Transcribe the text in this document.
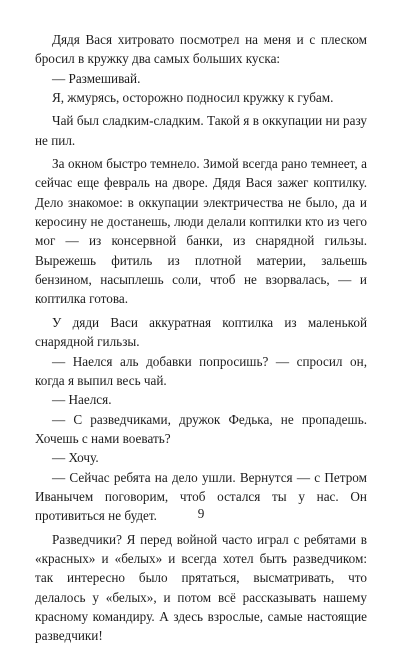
Дядя Вася хитровато посмотрел на меня и с плеском бросил в кружку два самых больших куска:

— Размешивай.

Я, жмурясь, осторожно подносил кружку к губам.

Чай был сладким-сладким. Такой я в оккупации ни разу не пил.

За окном быстро темнело. Зимой всегда рано темнеет, а сейчас еще февраль на дворе. Дядя Вася зажег коптилку. Дело знакомое: в оккупации электричества не было, да и керосину не достанешь, люди делали коптилки кто из чего мог — из консервной банки, из снарядной гильзы. Вырежешь фитиль из плотной материи, зальешь бензином, насыплешь соли, чтоб не взорвалась, — и коптилка готова.

У дяди Васи аккуратная коптилка из маленькой снарядной гильзы.

— Наелся аль добавки попросишь? — спросил он, когда я выпил весь чай.

— Наелся.

— С разведчиками, дружок Федька, не пропадешь. Хочешь с нами воевать?

— Хочу.

— Сейчас ребята на дело ушли. Вернутся — с Петром Иванычем поговорим, чтоб остался ты у нас. Он противиться не будет.

Разведчики? Я перед войной часто играл с ребятами в «красных» и «белых» и всегда хотел быть разведчиком: так интересно было прятаться, высматривать, что делалось у «белых», и потом всё рассказывать нашему красному командиру. А здесь взрослые, самые настоящие разведчики!

9
